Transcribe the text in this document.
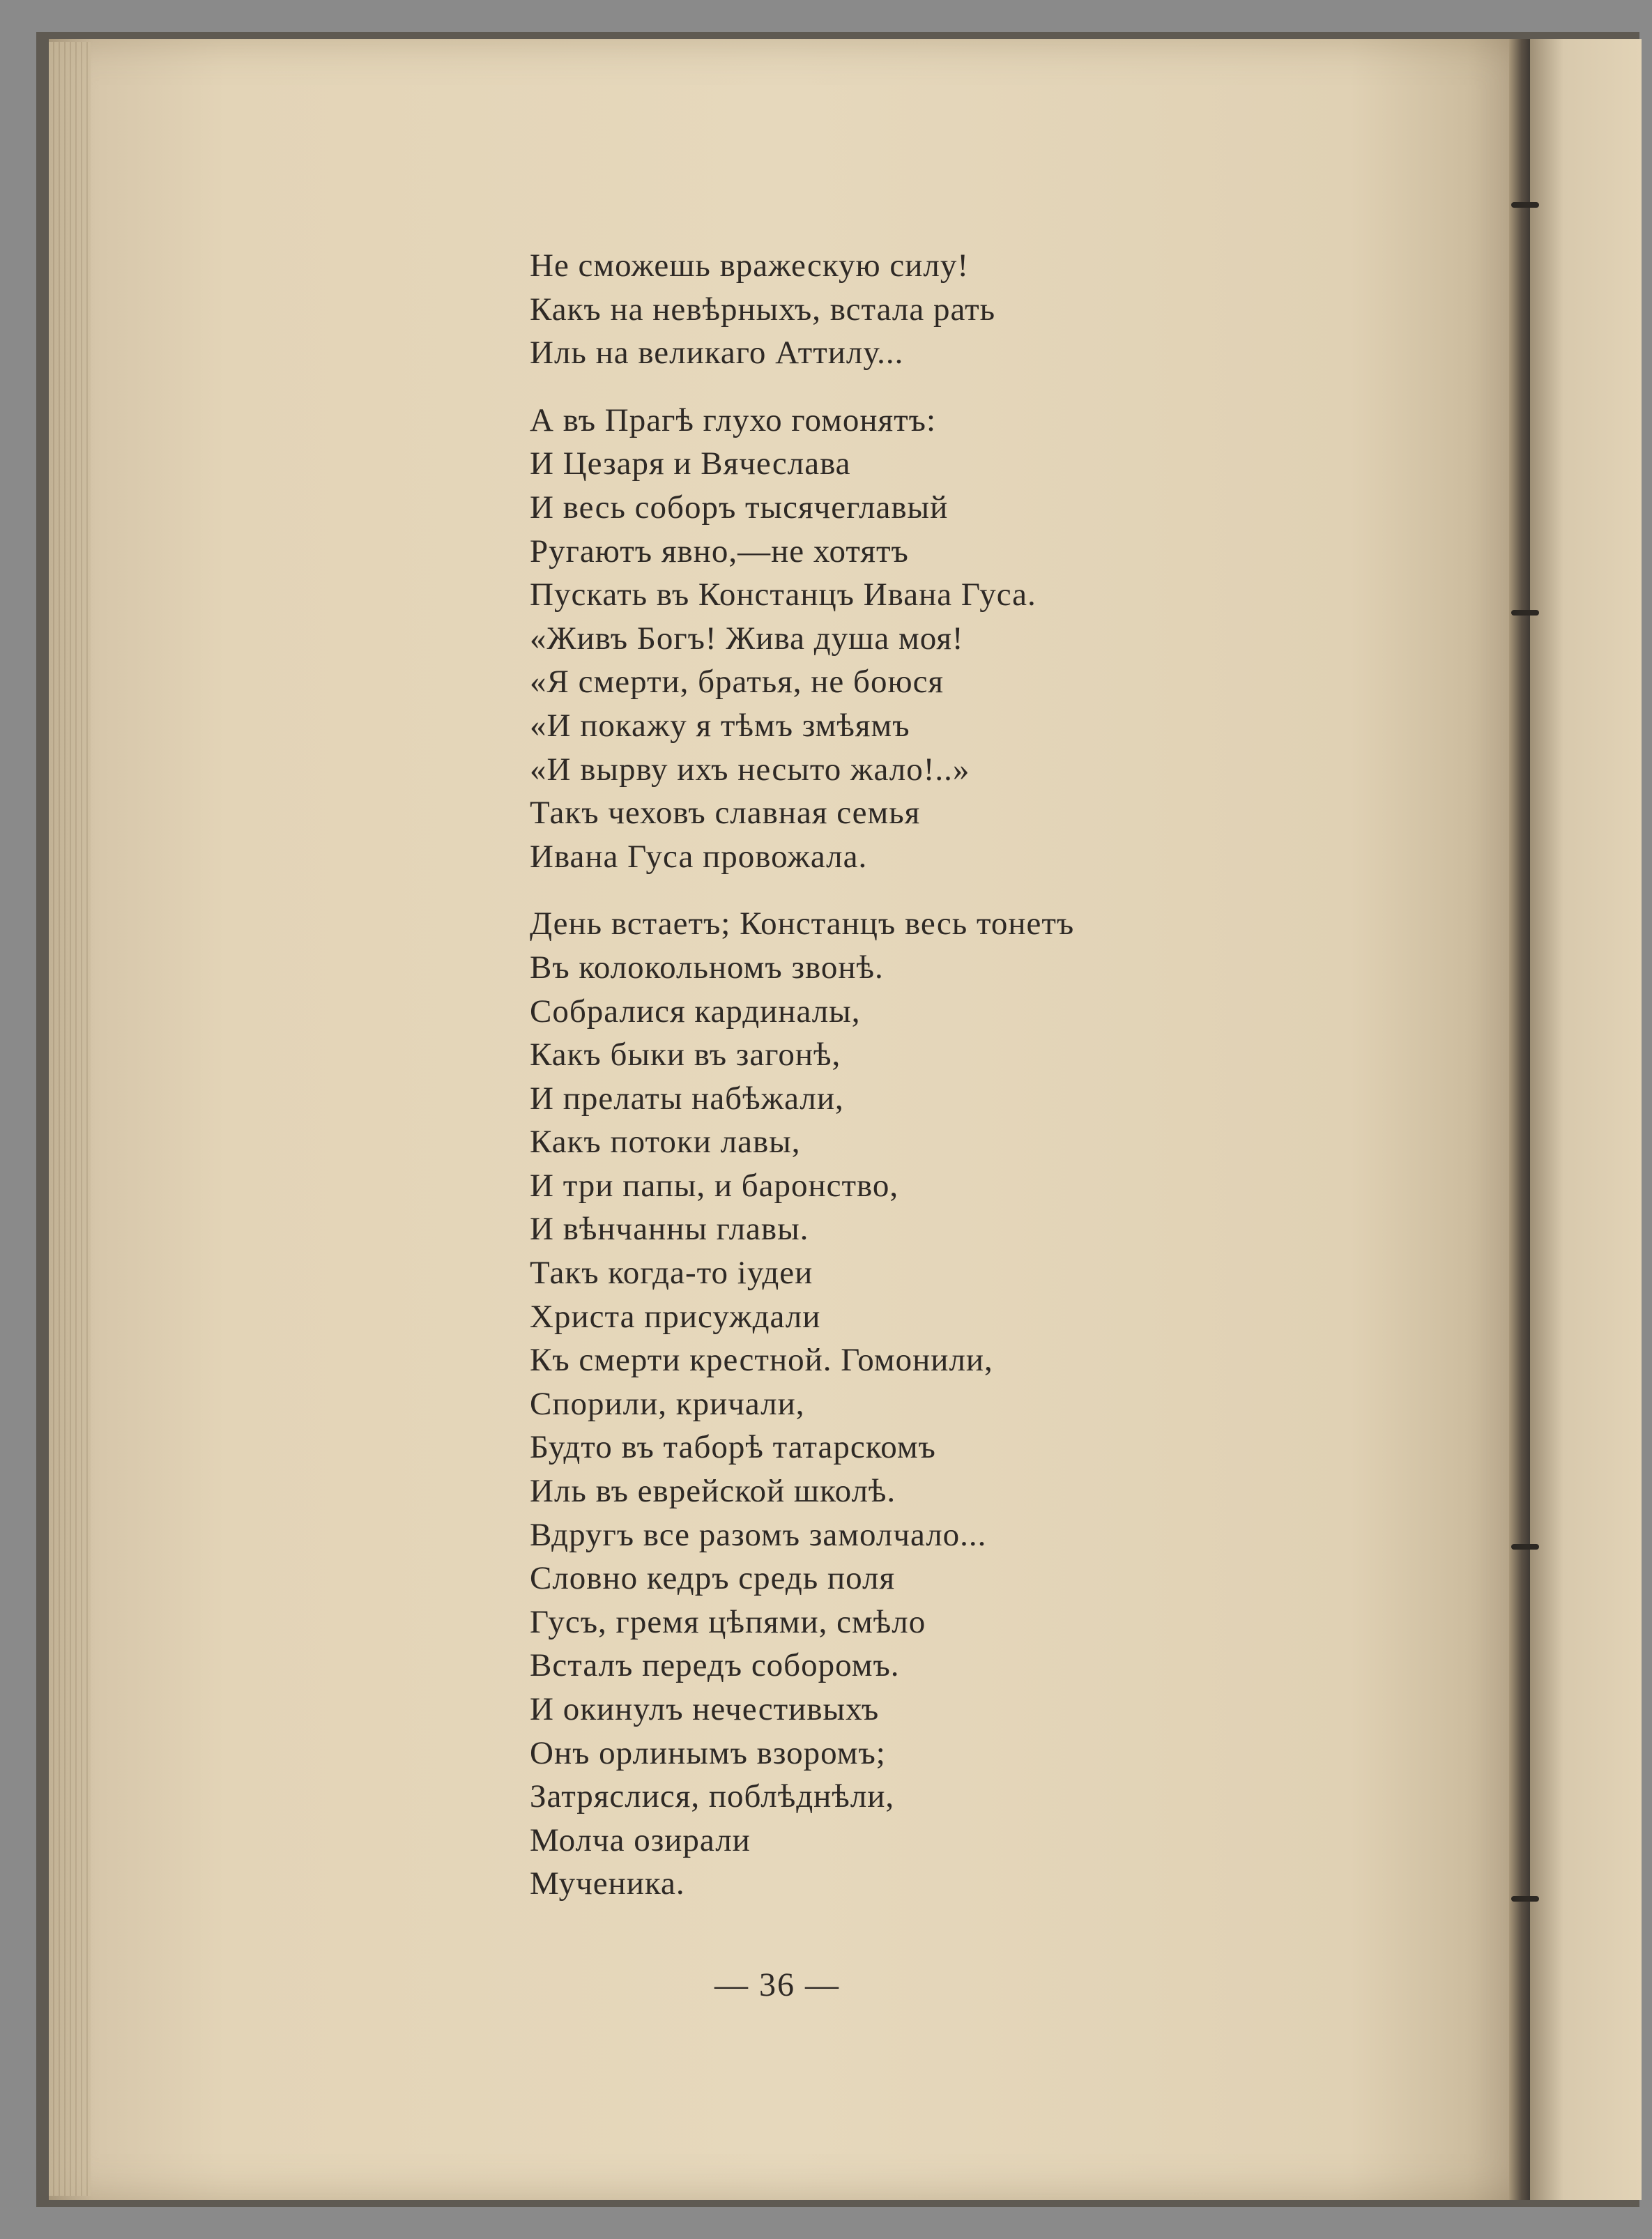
Не сможешь вражескую силу!
Какъ на невѣрныхъ, встала рать
Иль на великаго Аттилу...
А въ Прагѣ глухо гомонятъ:
И Цезаря и Вячеслава
И весь соборъ тысячеглавый
Ругаютъ явно,—не хотятъ
Пускать въ Констанцъ Ивана Гуса.
«Живъ Богъ! Жива душа моя!
«Я смерти, братья, не боюся
«И покажу я тѣмъ змѣямъ
«И вырву ихъ несыто жало!..»
Такъ чеховъ славная семья
Ивана Гуса провожала.
День встаетъ; Констанцъ весь тонетъ
Въ колокольномъ звонѣ.
Собралися кардиналы,
Какъ быки въ загонѣ,
И прелаты набѣжали,
Какъ потоки лавы,
И три папы, и баронство,
И вѣнчанны главы.
Такъ когда-то іудеи
Христа присуждали
Къ смерти крестной. Гомонили,
Спорили, кричали,
Будто въ таборѣ татарскомъ
Иль въ еврейской школѣ.
Вдругъ все разомъ замолчало...
Словно кедръ средь поля
Гусъ, гремя цѣпями, смѣло
Всталъ передъ соборомъ.
И окинулъ нечестивыхъ
Онъ орлинымъ взоромъ;
Затряслися, поблѣднѣли,
Молча озирали
Мученика.
— 36 —
